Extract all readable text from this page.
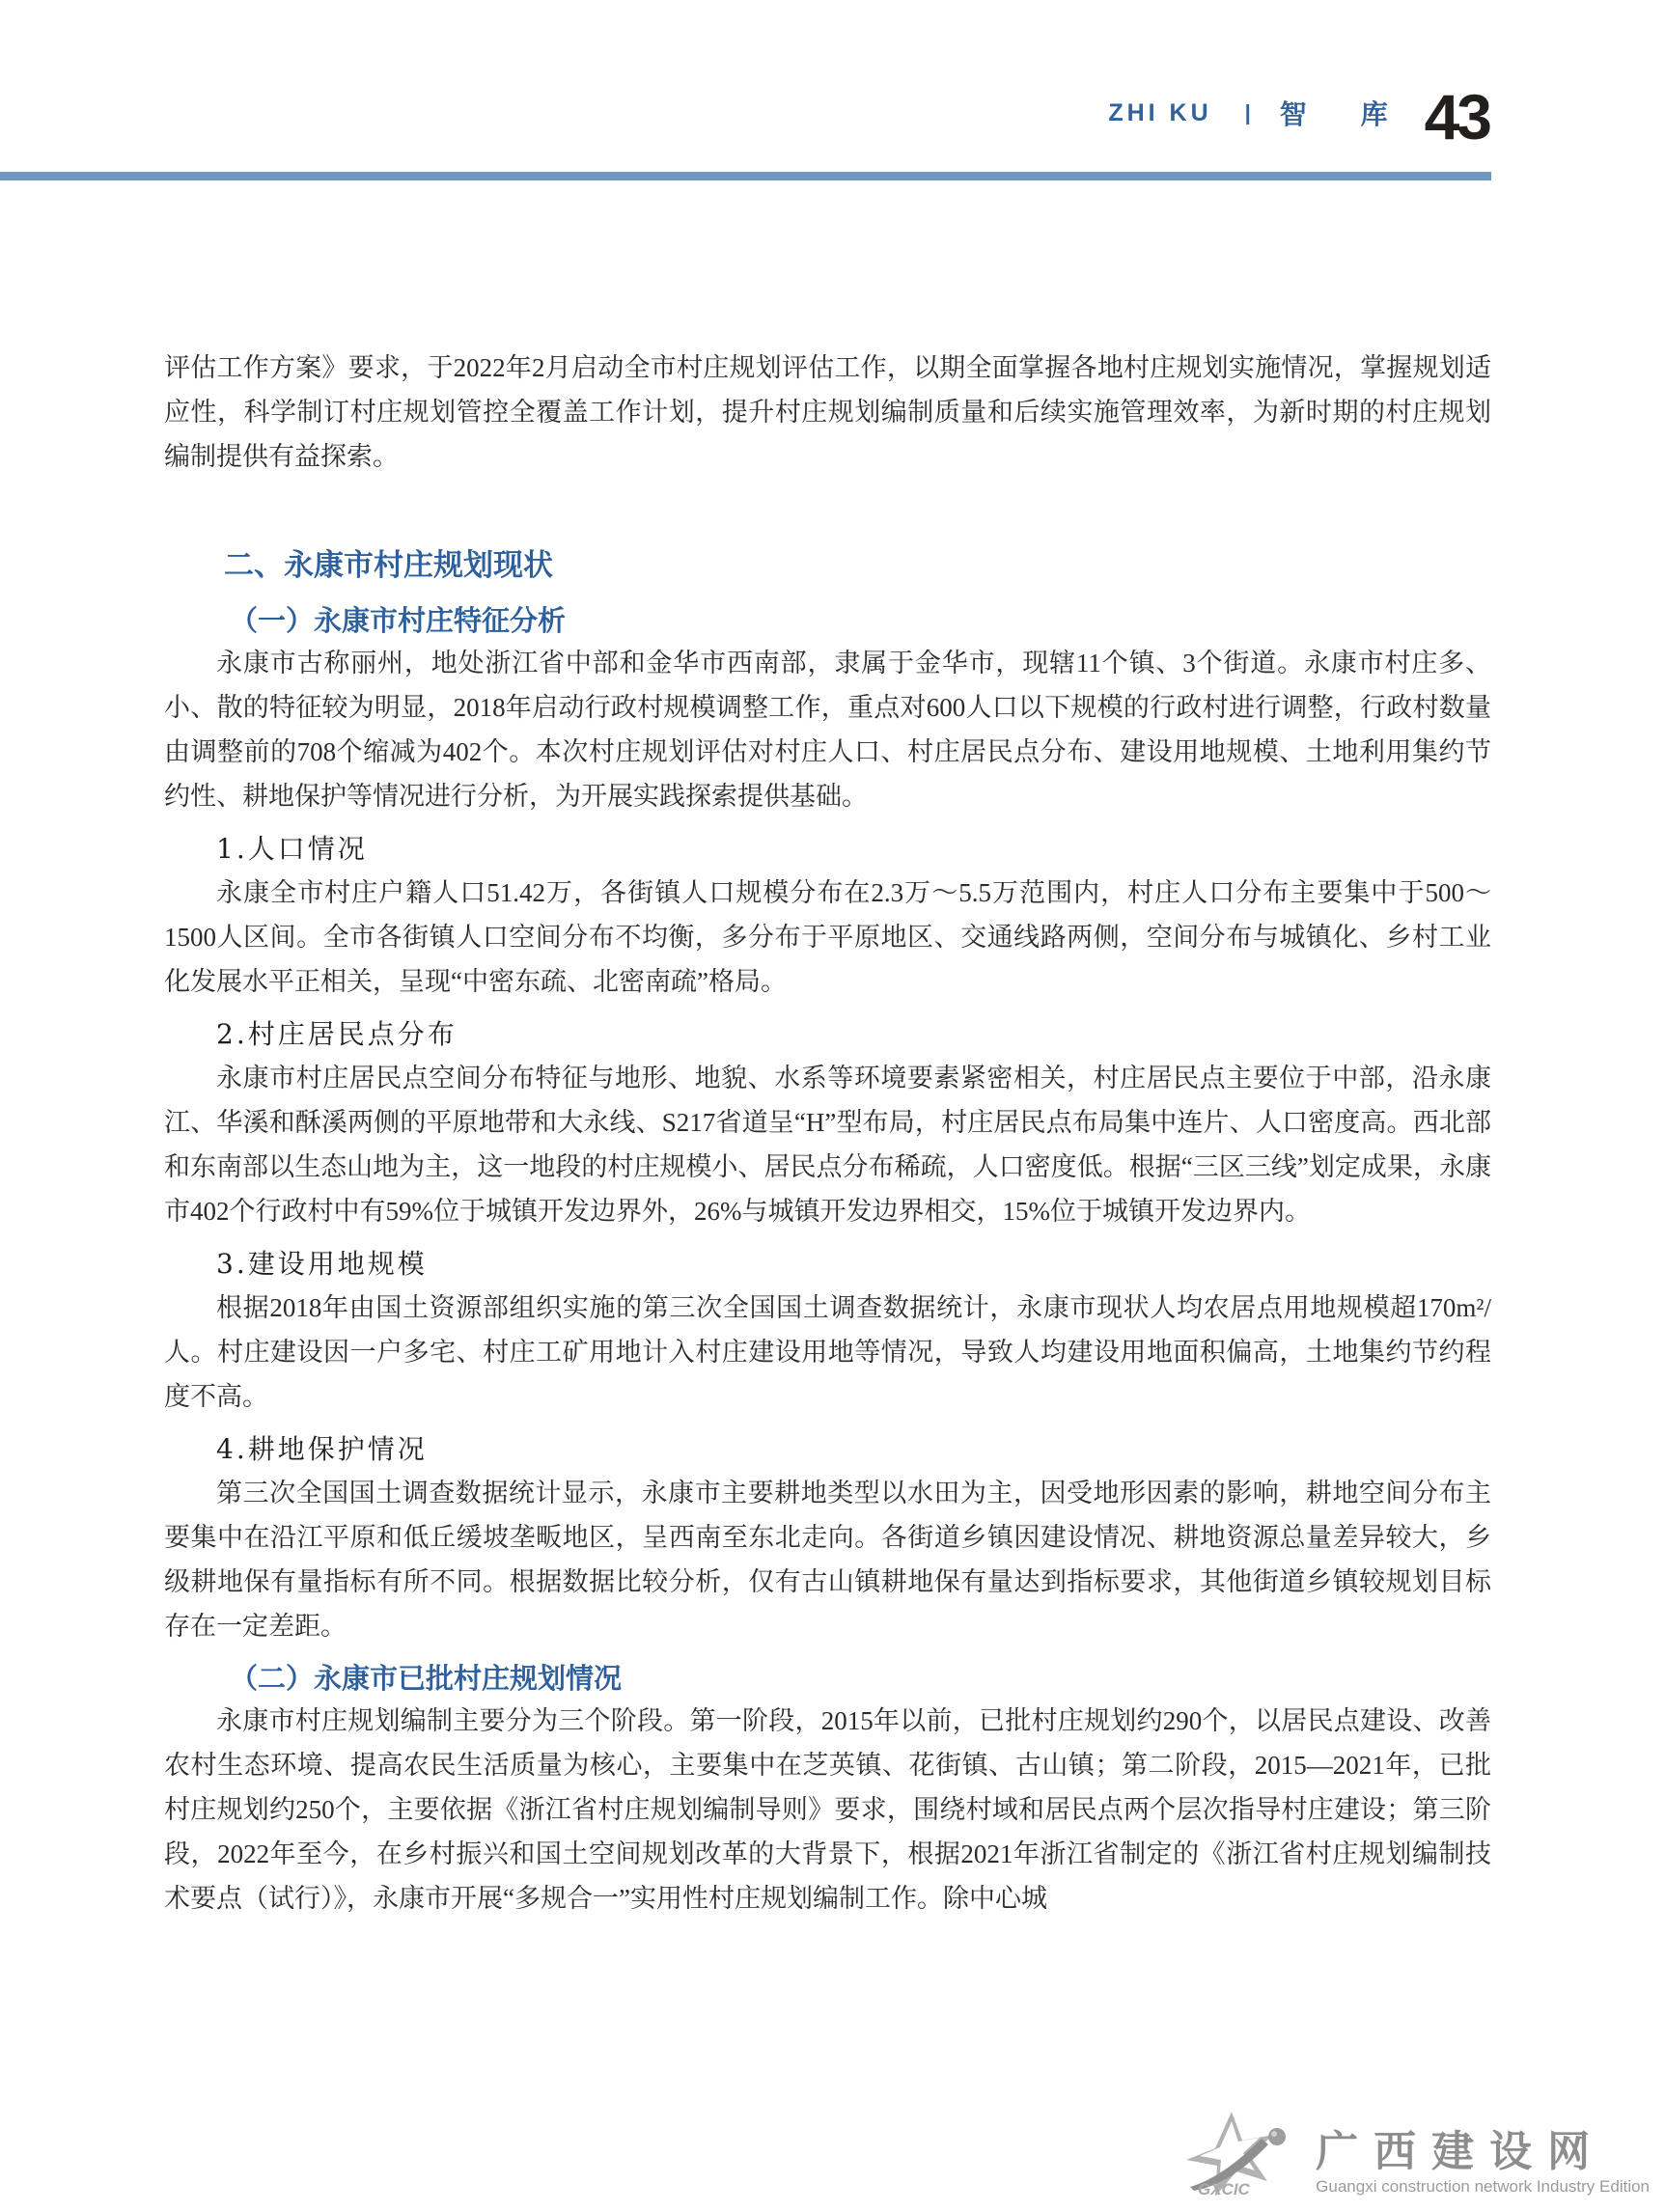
ZHI KU | 智 库 43

评估工作方案》要求，于2022年2月启动全市村庄规划评估工作，以期全面掌握各地村庄规划实施情况，掌握规划适应性，科学制订村庄规划管控全覆盖工作计划，提升村庄规划编制质量和后续实施管理效率，为新时期的村庄规划编制提供有益探索。

二、永康市村庄规划现状
（一）永康市村庄特征分析

永康市古称丽州，地处浙江省中部和金华市西南部，隶属于金华市，现辖11个镇、3个街道。永康市村庄多、小、散的特征较为明显，2018年启动行政村规模调整工作，重点对600人口以下规模的行政村进行调整，行政村数量由调整前的708个缩减为402个。本次村庄规划评估对村庄人口、村庄居民点分布、建设用地规模、土地利用集约节约性、耕地保护等情况进行分析，为开展实践探索提供基础。

1.人口情况

永康全市村庄户籍人口51.42万，各街镇人口规模分布在2.3万～5.5万范围内，村庄人口分布主要集中于500～1500人区间。全市各街镇人口空间分布不均衡，多分布于平原地区、交通线路两侧，空间分布与城镇化、乡村工业化发展水平正相关，呈现“中密东疏、北密南疏”格局。

2.村庄居民点分布

永康市村庄居民点空间分布特征与地形、地貌、水系等环境要素紧密相关，村庄居民点主要位于中部，沿永康江、华溪和酥溪两侧的平原地带和大永线、S217省道呈“H”型布局，村庄居民点布局集中连片、人口密度高。西北部和东南部以生态山地为主，这一地段的村庄规模小、居民点分布稀疏，人口密度低。根据“三区三线”划定成果，永康市402个行政村中有59%位于城镇开发边界外，26%与城镇开发边界相交，15%位于城镇开发边界内。

3.建设用地规模

根据2018年由国土资源部组织实施的第三次全国国土调查数据统计，永康市现状人均农居点用地规模超170m²/人。村庄建设因一户多宅、村庄工矿用地计入村庄建设用地等情况，导致人均建设用地面积偏高，土地集约节约程度不高。

4.耕地保护情况

第三次全国国土调查数据统计显示，永康市主要耕地类型以水田为主，因受地形因素的影响，耕地空间分布主要集中在沿江平原和低丘缓坡垄畈地区，呈西南至东北走向。各街道乡镇因建设情况、耕地资源总量差异较大，乡级耕地保有量指标有所不同。根据数据比较分析，仅有古山镇耕地保有量达到指标要求，其他街道乡镇较规划目标存在一定差距。

（二）永康市已批村庄规划情况

永康市村庄规划编制主要分为三个阶段。第一阶段，2015年以前，已批村庄规划约290个，以居民点建设、改善农村生态环境、提高农民生活质量为核心，主要集中在芝英镇、花街镇、古山镇；第二阶段，2015—2021年，已批村庄规划约250个，主要依据《浙江省村庄规划编制导则》要求，围绕村域和居民点两个层次指导村庄建设；第三阶段，2022年至今，在乡村振兴和国土空间规划改革的大背景下，根据2021年浙江省制定的《浙江省村庄规划编制技术要点（试行）》，永康市开展“多规合一”实用性村庄规划编制工作。除中心城

GXCIC
广西建设网
Guangxi construction network Industry Edition
